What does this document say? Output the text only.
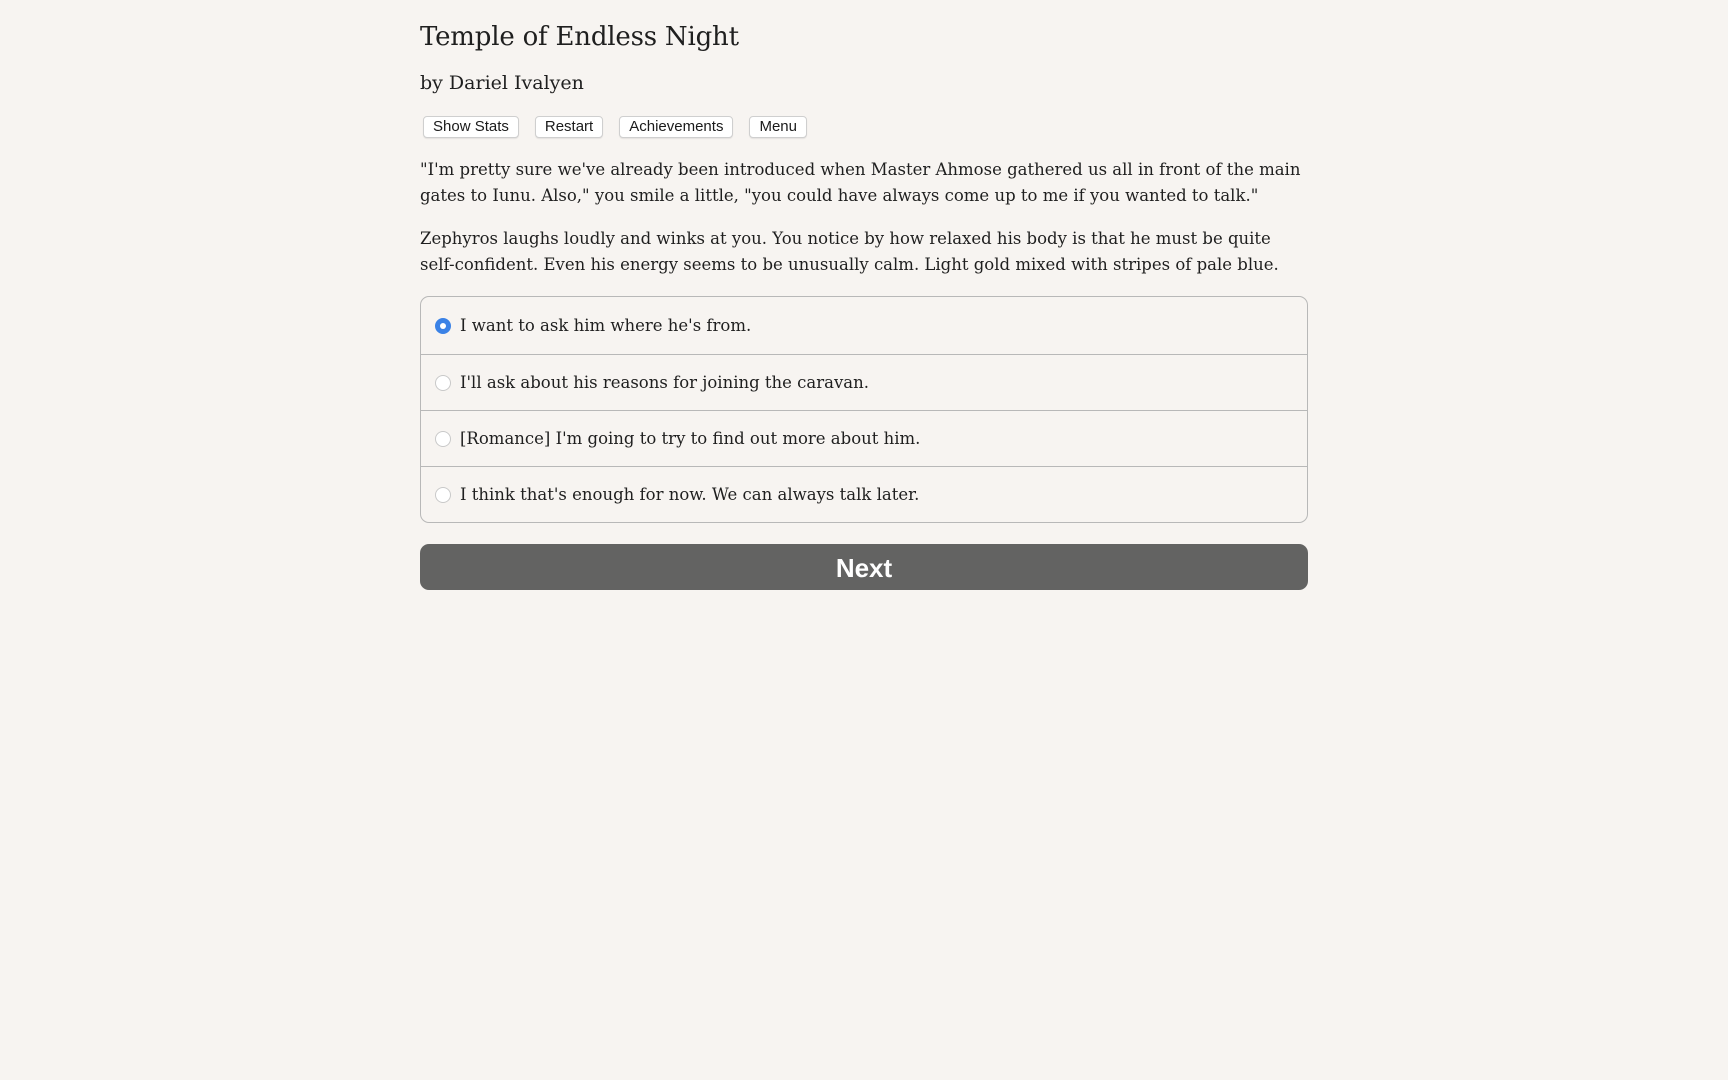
Temple of Endless Night
by Dariel Ivalyen
Show Stats	Restart	Achievements	Menu

"I'm pretty sure we've already been introduced when Master Ahmose gathered us all in front of the main gates to Iunu. Also," you smile a little, "you could have always come up to me if you wanted to talk."

Zephyros laughs loudly and winks at you. You notice by how relaxed his body is that he must be quite self-confident. Even his energy seems to be unusually calm. Light gold mixed with stripes of pale blue.

I want to ask him where he's from.
I'll ask about his reasons for joining the caravan.
[Romance] I'm going to try to find out more about him.
I think that's enough for now. We can always talk later.
Next
